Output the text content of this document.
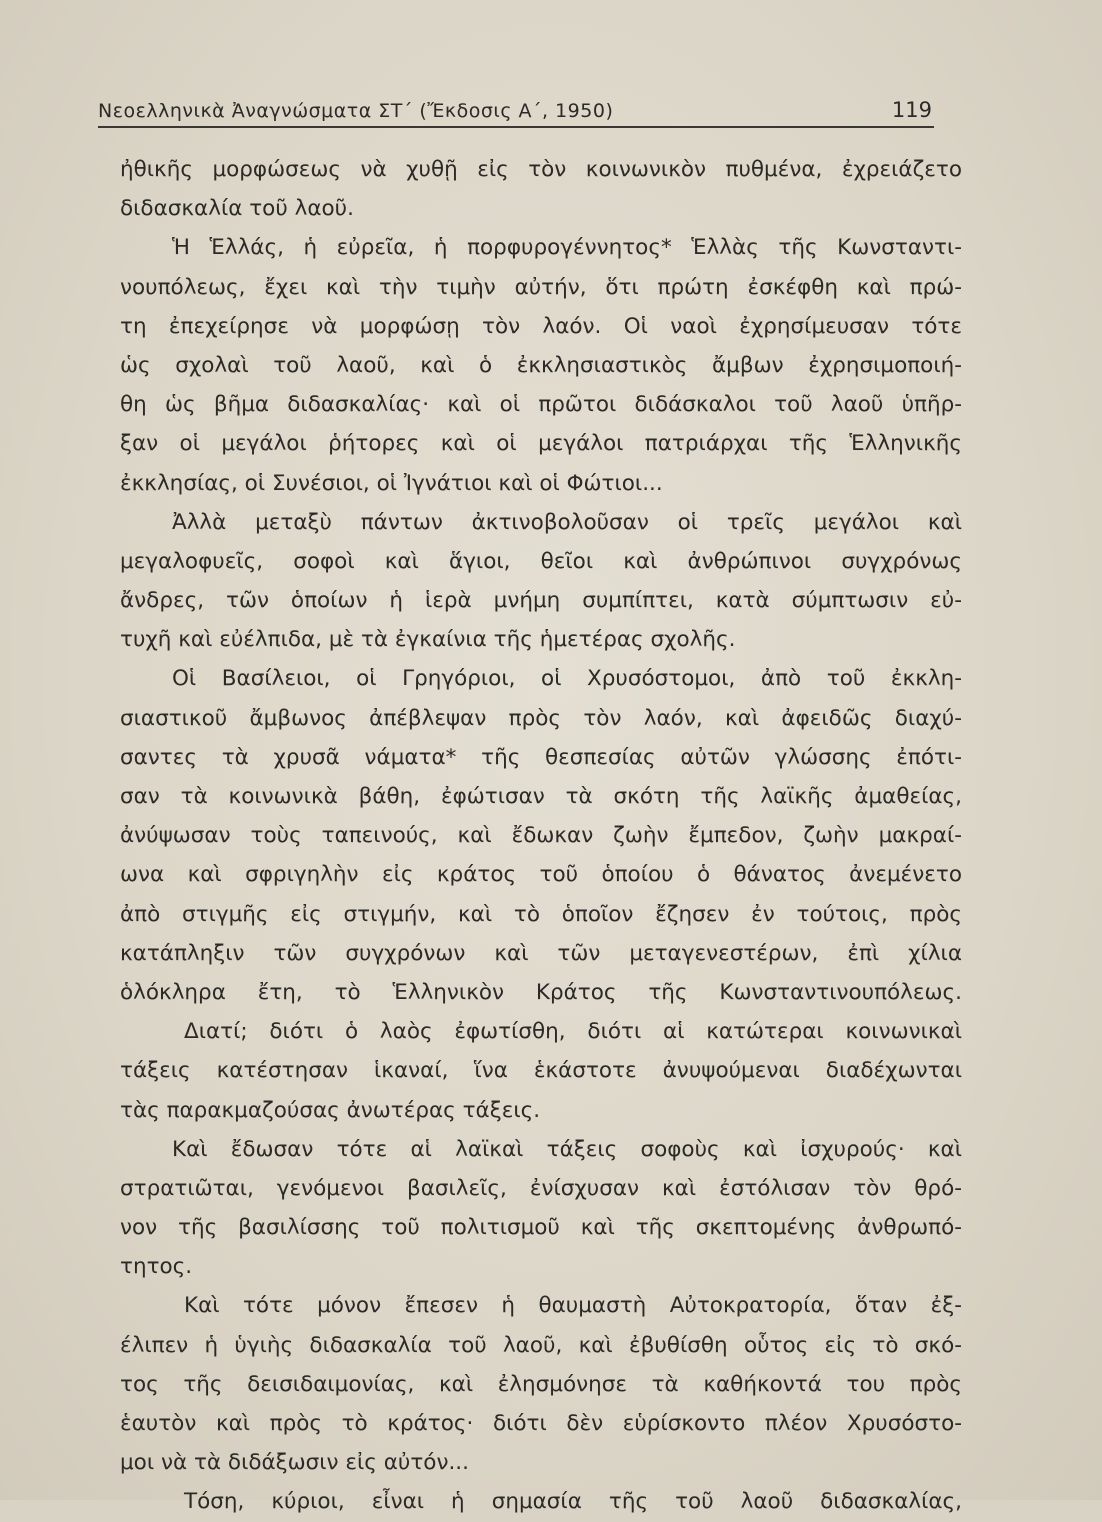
Νεοελληνικὰ Ἀναγνώσματα ΣΤ΄ (Ἔκδοσις Α΄, 1950)	119
ἠθικῆς μορφώσεως νὰ χυθῇ εἰς τὸν κοινωνικὸν πυθμένα, ἐχρειάζετο
διδασκαλία τοῦ λαοῦ.
Ἡ Ἑλλάς, ἡ εὐρεῖα, ἡ πορφυρογέννητος* Ἑλλὰς τῆς Κωνσταντι-
νουπόλεως, ἔχει καὶ τὴν τιμὴν αὐτήν, ὅτι πρώτη ἐσκέφθη καὶ πρώ-
τη ἐπεχείρησε νὰ μορφώσῃ τὸν λαόν. Οἱ ναοὶ ἐχρησίμευσαν τότε
ὡς σχολαὶ τοῦ λαοῦ, καὶ ὁ ἐκκλησιαστικὸς ἄμβων ἐχρησιμοποιή-
θη ὡς βῆμα διδασκαλίας· καὶ οἱ πρῶτοι διδάσκαλοι τοῦ λαοῦ ὑπῆρ-
ξαν οἱ μεγάλοι ῥήτορες καὶ οἱ μεγάλοι πατριάρχαι τῆς Ἑλληνικῆς
ἐκκλησίας, οἱ Συνέσιοι, οἱ Ἰγνάτιοι καὶ οἱ Φώτιοι...
Ἀλλὰ μεταξὺ πάντων ἀκτινοβολοῦσαν οἱ τρεῖς μεγάλοι καὶ
μεγαλοφυεῖς, σοφοὶ καὶ ἅγιοι, θεῖοι καὶ ἀνθρώπινοι συγχρόνως
ἄνδρες, τῶν ὁποίων ἡ ἱερὰ μνήμη συμπίπτει, κατὰ σύμπτωσιν εὐ-
τυχῆ καὶ εὐέλπιδα, μὲ τὰ ἐγκαίνια τῆς ἡμετέρας σχολῆς.
Οἱ Βασίλειοι, οἱ Γρηγόριοι, οἱ Χρυσόστομοι, ἀπὸ τοῦ ἐκκλη-
σιαστικοῦ ἄμβωνος ἀπέβλεψαν πρὸς τὸν λαόν, καὶ ἀφειδῶς διαχύ-
σαντες τὰ χρυσᾶ νάματα* τῆς θεσπεσίας αὐτῶν γλώσσης ἐπότι-
σαν τὰ κοινωνικὰ βάθη, ἐφώτισαν τὰ σκότη τῆς λαϊκῆς ἀμαθείας,
ἀνύψωσαν τοὺς ταπεινούς, καὶ ἔδωκαν ζωὴν ἔμπεδον, ζωὴν μακραί-
ωνα καὶ σφριγηλὴν εἰς κράτος τοῦ ὁποίου ὁ θάνατος ἀνεμένετο
ἀπὸ στιγμῆς εἰς στιγμήν, καὶ τὸ ὁποῖον ἔζησεν ἐν τούτοις, πρὸς
κατάπληξιν τῶν συγχρόνων καὶ τῶν μεταγενεστέρων, ἐπὶ χίλια
ὁλόκληρα ἔτη, τὸ Ἑλληνικὸν Κράτος τῆς Κωνσταντινουπόλεως.
Διατί; διότι ὁ λαὸς ἐφωτίσθη, διότι αἱ κατώτεραι κοινωνικαὶ
τάξεις κατέστησαν ἱκαναί, ἵνα ἑκάστοτε ἀνυψούμεναι διαδέχωνται
τὰς παρακμαζούσας ἀνωτέρας τάξεις.
Καὶ ἔδωσαν τότε αἱ λαϊκαὶ τάξεις σοφοὺς καὶ ἰσχυρούς· καὶ
στρατιῶται, γενόμενοι βασιλεῖς, ἐνίσχυσαν καὶ ἐστόλισαν τὸν θρό-
νον τῆς βασιλίσσης τοῦ πολιτισμοῦ καὶ τῆς σκεπτομένης ἀνθρωπό-
τητος.
Καὶ τότε μόνον ἔπεσεν ἡ θαυμαστὴ Αὐτοκρατορία, ὅταν ἐξ-
έλιπεν ἡ ὑγιὴς διδασκαλία τοῦ λαοῦ, καὶ ἐβυθίσθη οὗτος εἰς τὸ σκό-
τος τῆς δεισιδαιμονίας, καὶ ἐλησμόνησε τὰ καθήκοντά του πρὸς
ἑαυτὸν καὶ πρὸς τὸ κράτος· διότι δὲν εὑρίσκοντο πλέον Χρυσόστο-
μοι νὰ τὰ διδάξωσιν εἰς αὐτόν...
Τόση, κύριοι, εἶναι ἡ σημασία τῆς τοῦ λαοῦ διδασκαλίας,
